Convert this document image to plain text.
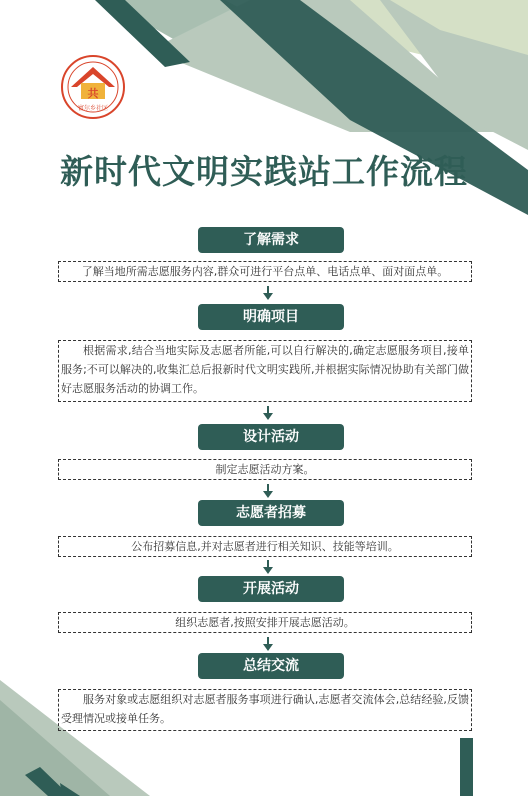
共
富尔乡社区
新时代文明实践站工作流程
了解需求
了解当地所需志愿服务内容,群众可进行平台点单、电话点单、面对面点单。
明确项目
根据需求,结合当地实际及志愿者所能,可以自行解决的,确定志愿服务项目,接单服务;不可以解决的,收集汇总后报新时代文明实践所,并根据实际情况协助有关部门做好志愿服务活动的协调工作。
设计活动
制定志愿活动方案。
志愿者招募
公布招募信息,并对志愿者进行相关知识、技能等培训。
开展活动
组织志愿者,按照安排开展志愿活动。
总结交流
服务对象或志愿组织对志愿者服务事项进行确认,志愿者交流体会,总结经验,反馈受理情况或接单任务。
